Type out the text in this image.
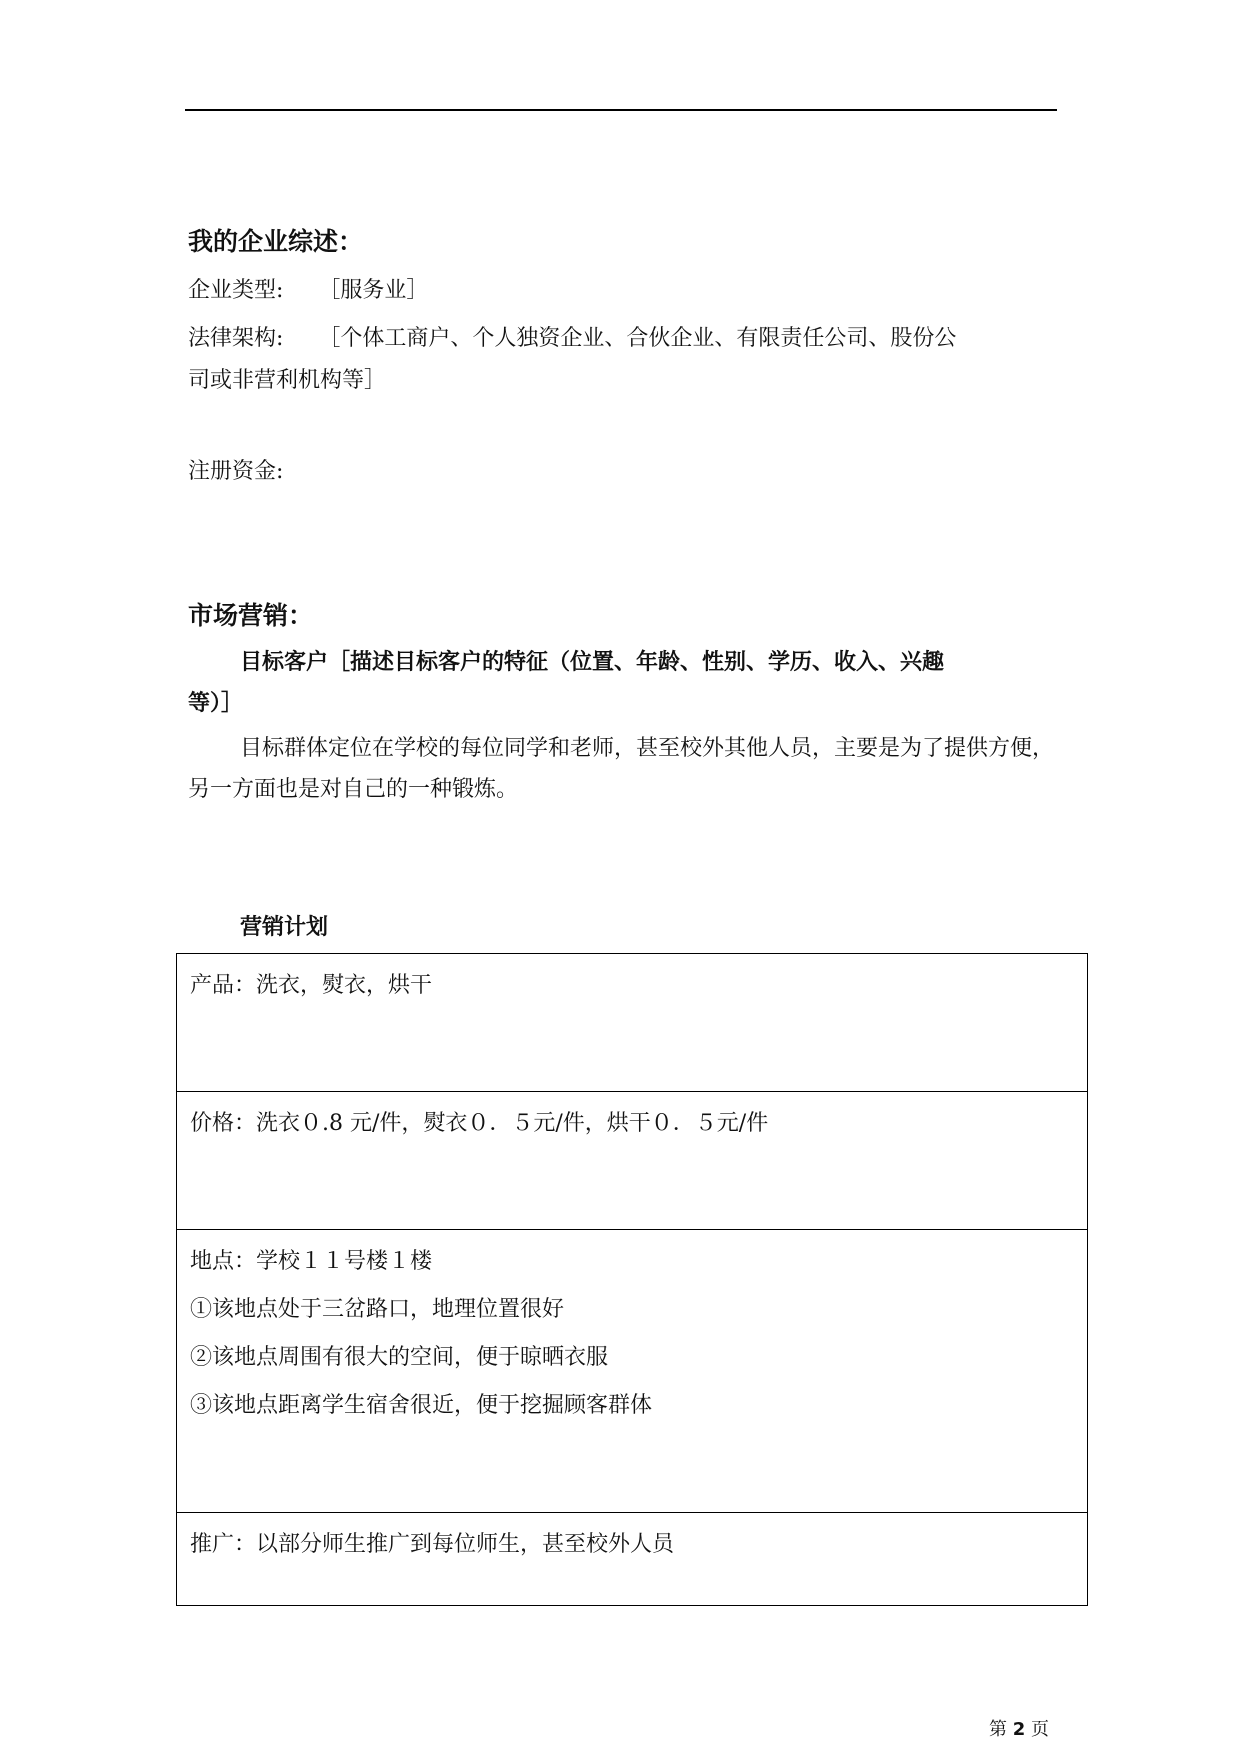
我的企业综述：
企业类型: ［服务业］
法律架构: ［个体工商户、个人独资企业、合伙企业、有限责任公司、股份公
司或非营利机构等］
注册资金:
市场营销：
目标客户［描述目标客户的特征（位置、年龄、性别、学历、收入、兴趣
等）］
目标群体定位在学校的每位同学和老师，甚至校外其他人员，主要是为了提供方便，另一方面也是对自己的一种锻炼。
营销计划
产品：洗衣，熨衣，烘干
价格：洗衣０.8 元/件，熨衣０．５元/件，烘干０．５元/件

地点：学校１１号楼１楼
①该地点处于三岔路口，地理位置很好
②该地点周围有很大的空间，便于晾晒衣服
③该地点距离学生宿舍很近，便于挖掘顾客群体

推广：以部分师生推广到每位师生，甚至校外人员
第 2 页
